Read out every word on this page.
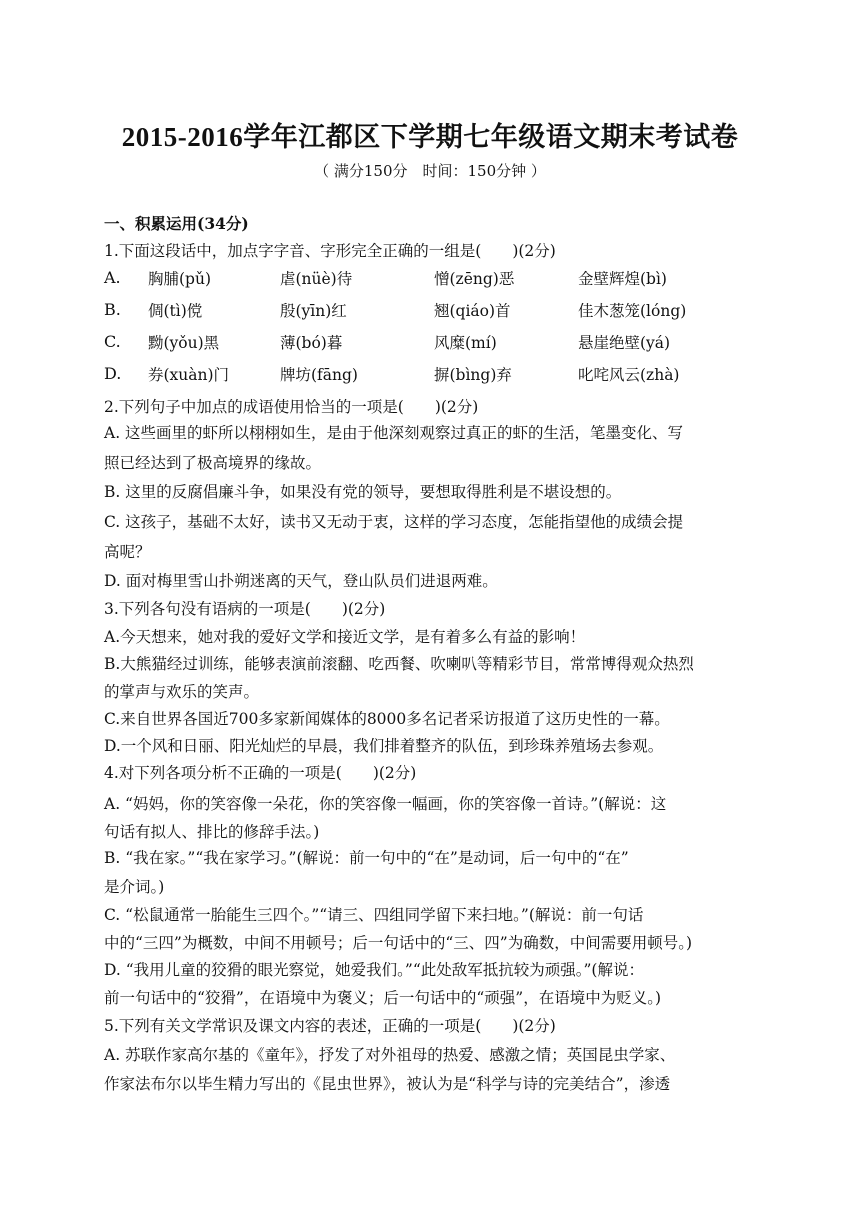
2015-2016学年江都区下学期七年级语文期末考试卷
（ 满分150分　时间：150分钟 ）
一、积累运用(34分)
1.下面这段话中，加点字字音、字形完全正确的一组是(　　)(2分)
A. 胸脯(pǔ)	虐(nüè)待	憎(zēng)恶	金壁辉煌(bì)
B. 倜(tì)傥	殷(yīn)红	翘(qiáo)首	佳木葱笼(lóng)
C. 黝(yǒu)黑	薄(bó)暮	风糜(mí)	悬崖绝壁(yá)
D. 券(xuàn)门	牌坊(fāng)	摒(bìng)弃	叱咤风云(zhà)
2.下列句子中加点的成语使用恰当的一项是(　　)(2分)
A. 这些画里的虾所以栩栩如生，是由于他深刻观察过真正的虾的生活，笔墨变化、写
照已经达到了极高境界的缘故。
B. 这里的反腐倡廉斗争，如果没有党的领导，要想取得胜利是不堪设想的。
C. 这孩子，基础不太好，读书又无动于衷，这样的学习态度，怎能指望他的成绩会提
高呢？
D. 面对梅里雪山扑朔迷离的天气，登山队员们进退两难。
3.下列各句没有语病的一项是(　　)(2分)
A.今天想来，她对我的爱好文学和接近文学，是有着多么有益的影响！
B.大熊猫经过训练，能够表演前滚翻、吃西餐、吹喇叭等精彩节目，常常博得观众热烈
的掌声与欢乐的笑声。
C.来自世界各国近700多家新闻媒体的8000多名记者采访报道了这历史性的一幕。
D.一个风和日丽、阳光灿烂的早晨，我们排着整齐的队伍，到珍珠养殖场去参观。
4.对下列各项分析不正确的一项是(　　)(2分)
A. “妈妈，你的笑容像一朵花，你的笑容像一幅画，你的笑容像一首诗。”(解说：这
句话有拟人、排比的修辞手法。)
B. “我在家。”“我在家学习。”(解说：前一句中的“在”是动词，后一句中的“在”
是介词。)
C. “松鼠通常一胎能生三四个。”“请三、四组同学留下来扫地。”(解说：前一句话
中的“三四”为概数，中间不用顿号；后一句话中的“三、四”为确数，中间需要用顿号。)
D. “我用儿童的狡猾的眼光察觉，她爱我们。”“此处敌军抵抗较为顽强。”(解说：
前一句话中的“狡猾”，在语境中为褒义；后一句话中的“顽强”，在语境中为贬义。)
5.下列有关文学常识及课文内容的表述，正确的一项是(　　)(2分)
A. 苏联作家高尔基的《童年》，抒发了对外祖母的热爱、感激之情；英国昆虫学家、
作家法布尔以毕生精力写出的《昆虫世界》，被认为是“科学与诗的完美结合”，渗透
